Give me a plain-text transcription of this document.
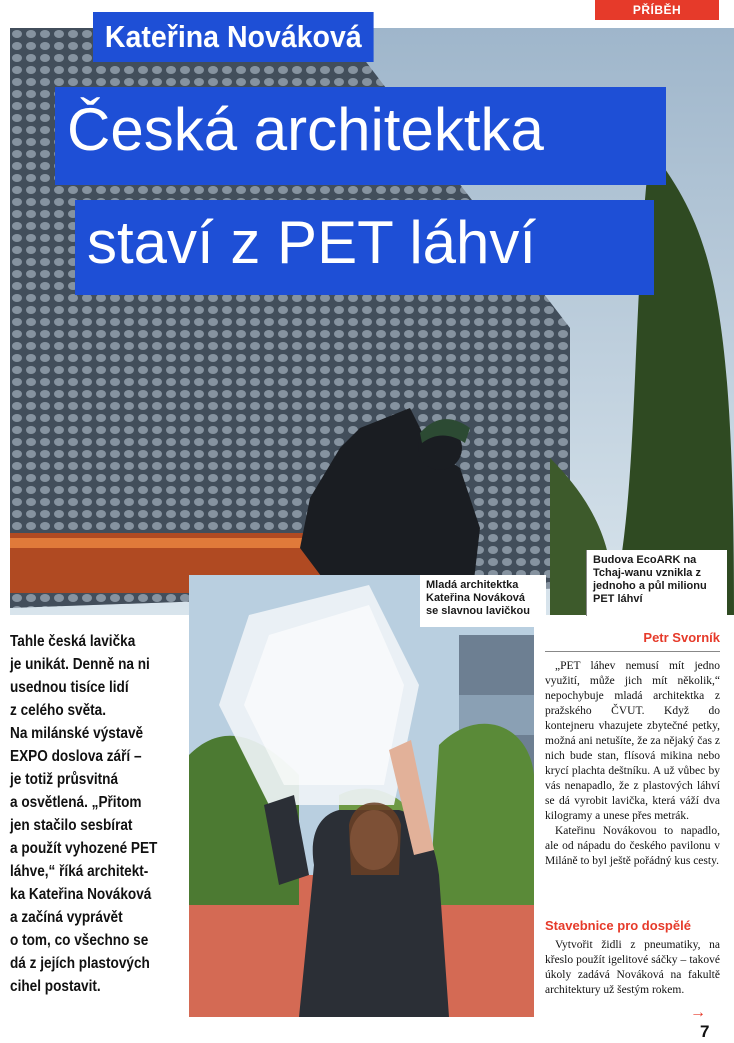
PŘÍBĚH
Kateřina Nováková
Česká architektka
staví z PET láhví
Budova EcoARK na Tchaj-wanu vznikla z jednoho a půl milionu PET láhví
Mladá architektka Kateřina Nováková se slavnou lavičkou
Tahle česká lavička
je unikát. Denně na ni
usednou tisíce lidí
z celého světa.
Na milánské výstavě
EXPO doslova září –
je totiž průsvitná
a osvětlená. „Přitom
jen stačilo sesbírat
a použít vyhozené PET
láhve,“ říká architekt-
ka Kateřina Nováková
a začíná vyprávět
o tom, co všechno se
dá z jejích plastových
cihel postavit.
Petr Svorník

„PET láhev nemusí mít jedno využití, může jich mít několik,“ nepochybuje mladá architektka z pražského ČVUT. Když do kontejneru vhazujete zbytečné petky, možná ani netušíte, že za nějaký čas z nich bude stan, flísová mikina nebo krycí plachta deštníku. A už vůbec by vás nenapadlo, že z plastových láhví se dá vyrobit lavička, která váží dva kilogramy a unese přes metrák.

Kateřinu Novákovou to napadlo, ale od nápadu do českého pavilonu v Miláně to byl ještě pořádný kus cesty.

Stavebnice pro dospělé

Vytvořit židli z pneumatiky, na křeslo použít igelitové sáčky – takové úkoly zadává Nováková na fakultě architektury už šestým rokem.

→
7
